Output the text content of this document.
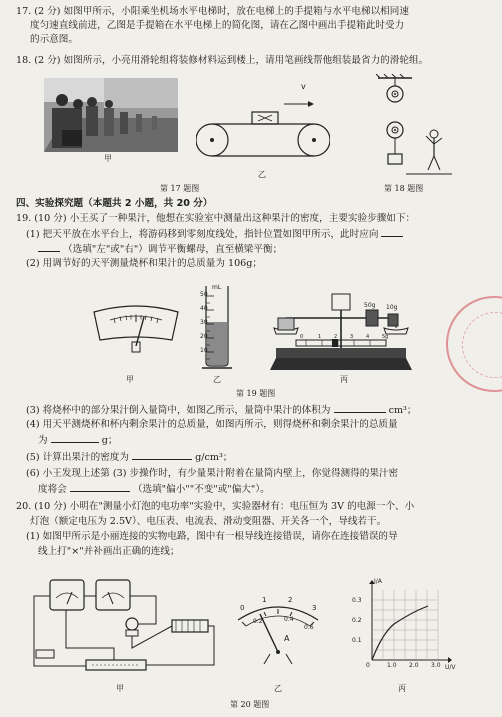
17. (2 分) 如图甲所示，小阳乘坐机场水平电梯时，放在电梯上的手提箱与水平电梯以相同速
度匀速直线前进，乙图是手提箱在水平电梯上的简化图，请在乙图中画出手提箱此时受力
的示意图。
18. (2 分) 如图所示，小亮用滑轮组将装修材料运到楼上，请用笔画线帮他组装最省力的滑轮组。
甲
v
乙
第 17 题图	第 18 题图
四、实验探究题（本题共 2 小题，共 20 分）
19. (10 分) 小王买了一种果汁，他想在实验室中测量出这种果汁的密度，主要实验步骤如下：
(1) 把天平放在水平台上，将游码移到零刻度线处，指针位置如图甲所示，此时应向
（选填"左"或"右"）调节平衡螺母，直至横梁平衡；
(2) 用调节好的天平测量烧杯和果汁的总质量为 106g；
甲
mL
50
40
30
20
10
乙
50g 10g
0	1	2	3	4	5g
丙
第 19 题图
(3) 将烧杯中的部分果汁倒入量筒中，如图乙所示，量筒中果汁的体积为	cm³；
(4) 用天平测烧杯和杯内剩余果汁的总质量，如图丙所示，则得烧杯和剩余果汁的总质量
为	g；
(5) 计算出果汁的密度为	g/cm³；
(6) 小王发现上述第 (3) 步操作时，有少量果汁附着在量筒内壁上，你觉得测得的果汁密
度将会	（选填"偏小""不变"或"偏大"）。
20. (10 分) 小明在"测量小灯泡的电功率"实验中，实验器材有：电压恒为 3V 的电源一个、小
灯泡（额定电压为 2.5V）、电压表、电流表、滑动变阻器、开关各一个，导线若干。
(1) 如图甲所示是小丽连接的实物电路，图中有一根导线连接错误，请你在连接错误的导
线上打"×"并补画出正确的连线；
甲
0
1	2
3
0.2	0.4
0.6
A
乙
I/A
0.3
0.2
0.1
0	1.0 2.0 3.0 U/V
丙
第 20 题图
